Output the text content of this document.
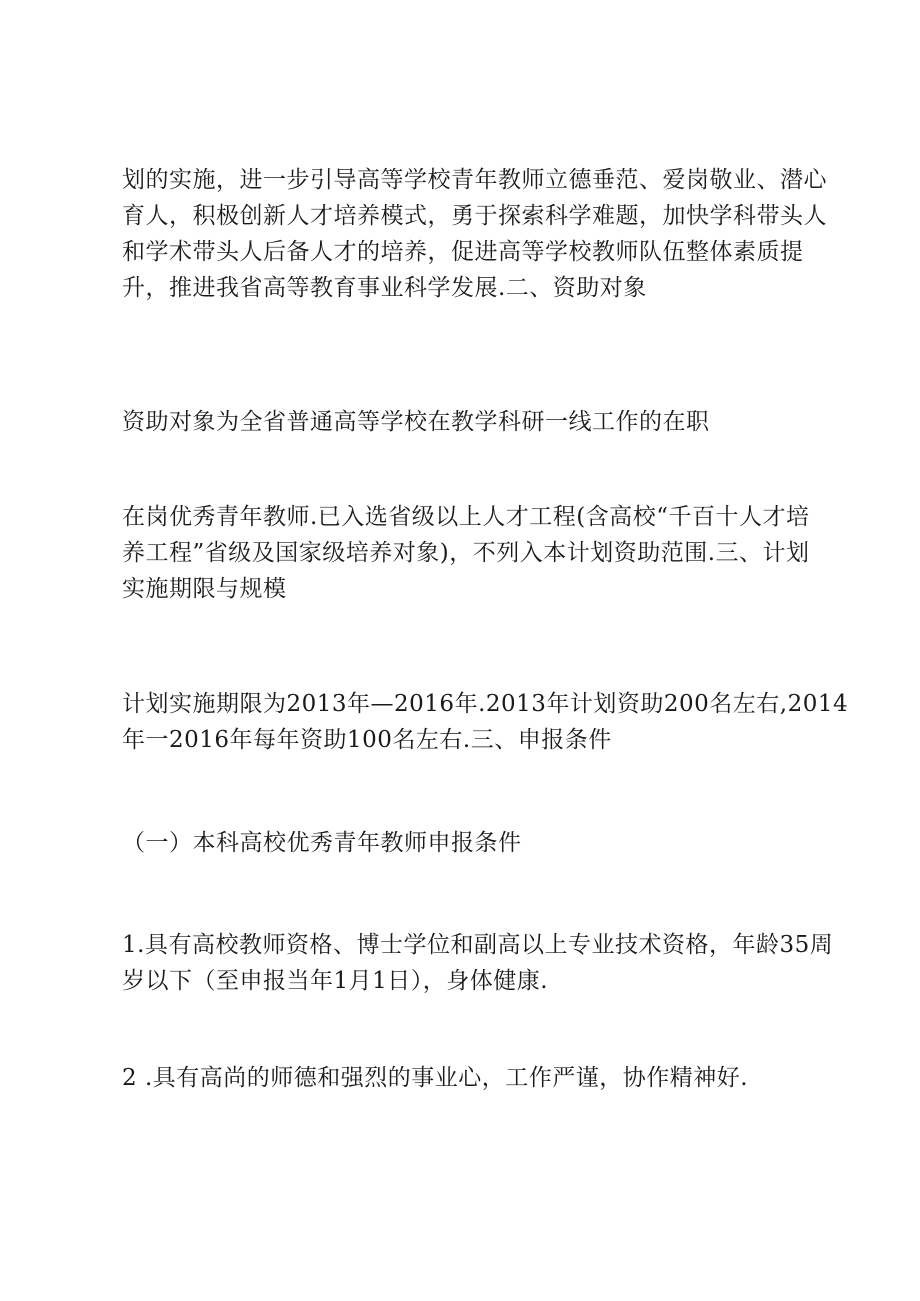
划的实施，进一步引导高等学校青年教师立德垂范、爱岗敬业、潜心
育人，积极创新人才培养模式，勇于探索科学难题，加快学科带头人
和学术带头人后备人才的培养，促进高等学校教师队伍整体素质提
升，推进我省高等教育事业科学发展.二、资助对象

资助对象为全省普通高等学校在教学科研一线工作的在职

在岗优秀青年教师.已入选省级以上人才工程(含高校“千百十人才培
养工程”省级及国家级培养对象)，不列入本计划资助范围.三、计划
实施期限与规模

计划实施期限为2013年—2016年.2013年计划资助200名左右,2014
年一2016年每年资助100名左右.三、申报条件

（一）本科高校优秀青年教师申报条件

1.具有高校教师资格、博士学位和副高以上专业技术资格，年龄35周
岁以下（至申报当年1月1日），身体健康.

2 .具有高尚的师德和强烈的事业心，工作严谨，协作精神好.
